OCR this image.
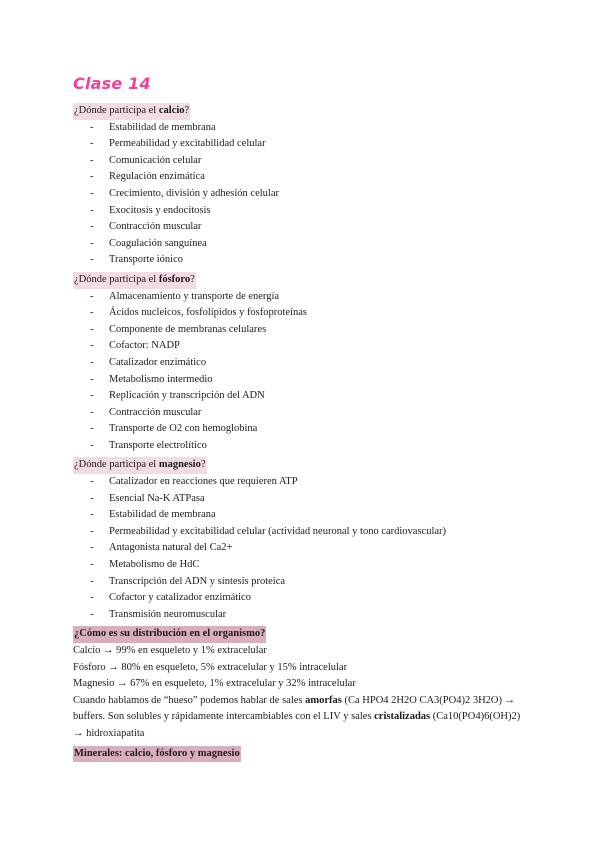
Clase 14
¿Dónde participa el calcio?
- Estabilidad de membrana
- Permeabilidad y excitabilidad celular
- Comunicación celular
- Regulación enzimática
- Crecimiento, división y adhesión celular
- Exocitosis y endocitosis
- Contracción muscular
- Coagulación sanguínea
- Transporte iónico
¿Dónde participa el fósforo?
- Almacenamiento y transporte de energía
- Ácidos nucleicos, fosfolípidos y fosfoproteínas
- Componente de membranas celulares
- Cofactor: NADP
- Catalizador enzimático
- Metabolismo intermedio
- Replicación y transcripción del ADN
- Contracción muscular
- Transporte de O2 con hemoglobina
- Transporte electrolítico
¿Dónde participa el magnesio?
- Catalizador en reacciones que requieren ATP
- Esencial Na-K ATPasa
- Estabilidad de membrana
- Permeabilidad y excitabilidad celular (actividad neuronal y tono cardiovascular)
- Antagonista natural del Ca2+
- Metabolismo de HdC
- Transcripción del ADN y síntesis proteica
- Cofactor y catalizador enzimático
- Transmisión neuromuscular
¿Cómo es su distribución en el organismo?

Calcio → 99% en esqueleto y 1% extracelular

Fósforo → 80% en esqueleto, 5% extracelular y 15% intracelular

Magnesio → 67% en esqueleto, 1% extracelular y 32% intracelular

Cuando hablamos de “hueso” podemos hablar de sales amorfas (Ca HPO4 2H2O CA3(PO4)2 3H2O) → buffers. Son solubles y rápidamente intercambiables con el LIV y sales cristalizadas (Ca10(PO4)6(OH)2) → hidroxiapatita

Minerales: calcio, fósforo y magnesio
